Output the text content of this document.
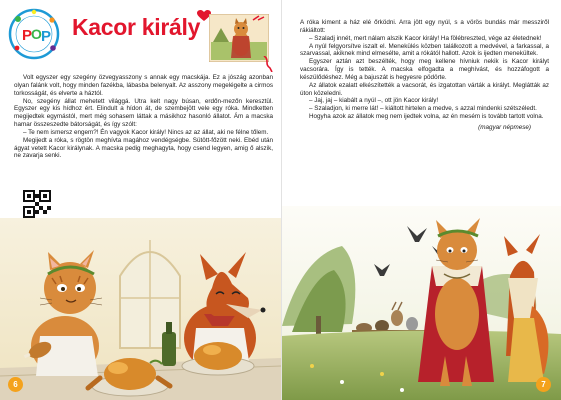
P
O P Kacor király

Volt egyszer egy szegény özvegyasszony s annak egy macskája. Ez a jószág azonban olyan falánk volt, hogy minden fazékba, lábasba belenyalt. Az asszony megelégelte a cirmos torkosságát, és elverte a háztól.

No, szegény állat mehetett világgá. Utra kelt nagy búsan, erdőn-mezőn keresztül. Egyszer egy kis hídhoz ért. Elindult a hídon át, de szembejött vele egy róka. Mindketten megijedtek egymástól, mert még sohasem láttak a másikhoz hasonló állatot. Ám a macska hamar összeszedte bátorságát, és így szólt:

– Te nem ismersz engem?! Én vagyok Kacor király! Nincs az az állat, aki ne félne tőlem.

Megijedt a róka, s rögtön meghívta magához vendégségbe. Sütött-főzött neki. Ebéd után ágyat vetett Kacor királynak. A macska pedig meghagyta, hogy csend legyen, amig ő alszik, ne zavarja senki.

6

A róka kiment a ház elé őrködni. Arra jött egy nyúl, s a vörös bundás már messziről rákiáltott:

– Szaladj innét, mert nálam alszik Kacor király! Ha fölébreszted, vége az életednek!

A nyúl felgyorsítve iszalt el. Menekülés közben találkozott a medvével, a farkassal, a szarvassal, akiknek mind elmesélte, amit a rókától hallott. Azok is ijedten menekültek.

Egyszer aztán azt beszélték, hogy meg kellene hívniuk nekik is Kacor királyt vacsorára. Így is tették. A macska elfogadta a meghívást, és hozzáfogott a készülődéshez. Még a bajuszát is hegyesre pödörte.

Az állatok ezalatt elkészítették a vacsorát, és izgatottan várták a királyt. Meglátták az úton közeledni.

– Jaj, jaj – kiabált a nyúl –, ott jön Kacor király!

– Szaladjon, ki merre lát! – kiáltott hirtelen a medve, s azzal mindenki szétszéledt.

Hogyha azok az állatok meg nem ijedtek volna, az én mesém is tovább tartott volna.

(magyar népmese)

7
